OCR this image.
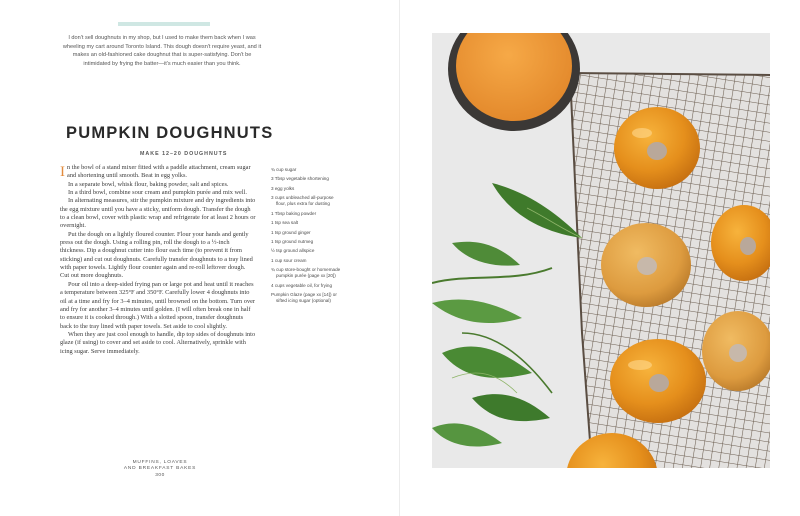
I don't sell doughnuts in my shop, but I used to make them back when I was wheeling my cart around Toronto Island. This dough doesn't require yeast, and it makes an old-fashioned cake doughnut that is super-satisfying. Don't be intimidated by frying the batter—it's much easier than you think.
PUMPKIN DOUGHNUTS
MAKE 12–20 DOUGHNUTS

In the bowl of a stand mixer fitted with a paddle attachment, cream sugar and shortening until smooth. Beat in egg yolks.

In a separate bowl, whisk flour, baking powder, salt and spices.

In a third bowl, combine sour cream and pumpkin purée and mix well.

In alternating measures, stir the pumpkin mixture and dry ingredients into the egg mixture until you have a sticky, uniform dough. Transfer the dough to a clean bowl, cover with plastic wrap and refrigerate for at least 2 hours or overnight.

Put the dough on a lightly floured counter. Flour your hands and gently press out the dough. Using a rolling pin, roll the dough to a ½-inch thickness. Dip a doughnut cutter into flour each time (to prevent it from sticking) and cut out doughnuts. Carefully transfer doughnuts to a tray lined with paper towels. Lightly flour counter again and re-roll leftover dough. Cut out more doughnuts.

Pour oil into a deep-sided frying pan or large pot and heat until it reaches a temperature between 325°F and 350°F. Carefully lower 4 doughnuts into oil at a time and fry for 3–4 minutes, until browned on the bottom. Turn over and fry for another 3–4 minutes until golden. (I will often break one in half to ensure it is cooked through.) With a slotted spoon, transfer doughnuts back to the tray lined with paper towels. Set aside to cool slightly.

When they are just cool enough to handle, dip top sides of doughnuts into glaze (if using) to cover and set aside to cool. Alternatively, sprinkle with icing sugar. Serve immediately.

¾ cup sugar
3 Tbsp vegetable shortening
3 egg yolks
3 cups unbleached all-purpose flour, plus extra for dusting
1 Tbsp baking powder
1 tsp sea salt
1 tsp ground ginger
1 tsp ground nutmeg
½ tsp ground allspice
1 cup sour cream
¾ cup store-bought or homemade pumpkin purée (page xx [20])
4 cups vegetable oil, for frying
Pumpkin Glaze (page xx [14]) or sifted icing sugar (optional)
MUFFINS, LOAVES
AND BREAKFAST BAKES
300
